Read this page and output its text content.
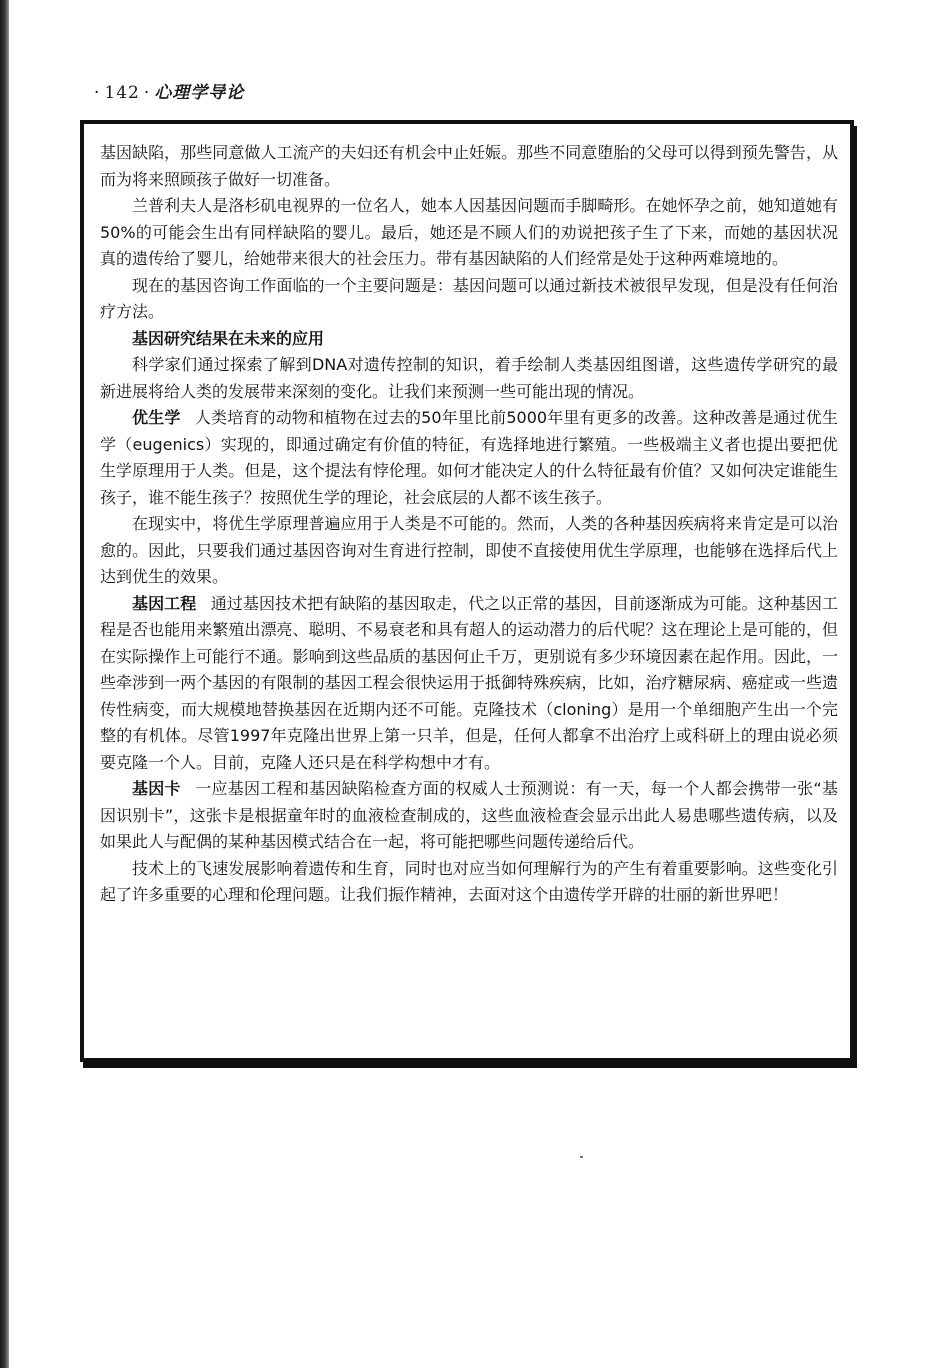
· 142 · 心理学导论

基因缺陷，那些同意做人工流产的夫妇还有机会中止妊娠。那些不同意堕胎的父母可以得到预先警告，从而为将来照顾孩子做好一切准备。

兰普利夫人是洛杉矶电视界的一位名人，她本人因基因问题而手脚畸形。在她怀孕之前，她知道她有50%的可能会生出有同样缺陷的婴儿。最后，她还是不顾人们的劝说把孩子生了下来，而她的基因状况真的遗传给了婴儿，给她带来很大的社会压力。带有基因缺陷的人们经常是处于这种两难境地的。

现在的基因咨询工作面临的一个主要问题是：基因问题可以通过新技术被很早发现，但是没有任何治疗方法。

基因研究结果在未来的应用

科学家们通过探索了解到DNA对遗传控制的知识，着手绘制人类基因组图谱，这些遗传学研究的最新进展将给人类的发展带来深刻的变化。让我们来预测一些可能出现的情况。

优生学 人类培育的动物和植物在过去的50年里比前5000年里有更多的改善。这种改善是通过优生学（eugenics）实现的，即通过确定有价值的特征，有选择地进行繁殖。一些极端主义者也提出要把优生学原理用于人类。但是，这个提法有悖伦理。如何才能决定人的什么特征最有价值？又如何决定谁能生孩子，谁不能生孩子？按照优生学的理论，社会底层的人都不该生孩子。

在现实中，将优生学原理普遍应用于人类是不可能的。然而，人类的各种基因疾病将来肯定是可以治愈的。因此，只要我们通过基因咨询对生育进行控制，即使不直接使用优生学原理，也能够在选择后代上达到优生的效果。

基因工程 通过基因技术把有缺陷的基因取走，代之以正常的基因，目前逐渐成为可能。这种基因工程是否也能用来繁殖出漂亮、聪明、不易衰老和具有超人的运动潜力的后代呢？这在理论上是可能的，但在实际操作上可能行不通。影响到这些品质的基因何止千万，更别说有多少环境因素在起作用。因此，一些牵涉到一两个基因的有限制的基因工程会很快运用于抵御特殊疾病，比如，治疗糖尿病、癌症或一些遗传性病变，而大规模地替换基因在近期内还不可能。克隆技术（cloning）是用一个单细胞产生出一个完整的有机体。尽管1997年克隆出世界上第一只羊，但是，任何人都拿不出治疗上或科研上的理由说必须要克隆一个人。目前，克隆人还只是在科学构想中才有。

基因卡 一应基因工程和基因缺陷检查方面的权威人士预测说：有一天，每一个人都会携带一张“基因识别卡”，这张卡是根据童年时的血液检查制成的，这些血液检查会显示出此人易患哪些遗传病，以及如果此人与配偶的某种基因模式结合在一起，将可能把哪些问题传递给后代。

技术上的飞速发展影响着遗传和生育，同时也对应当如何理解行为的产生有着重要影响。这些变化引起了许多重要的心理和伦理问题。让我们振作精神，去面对这个由遗传学开辟的壮丽的新世界吧！
